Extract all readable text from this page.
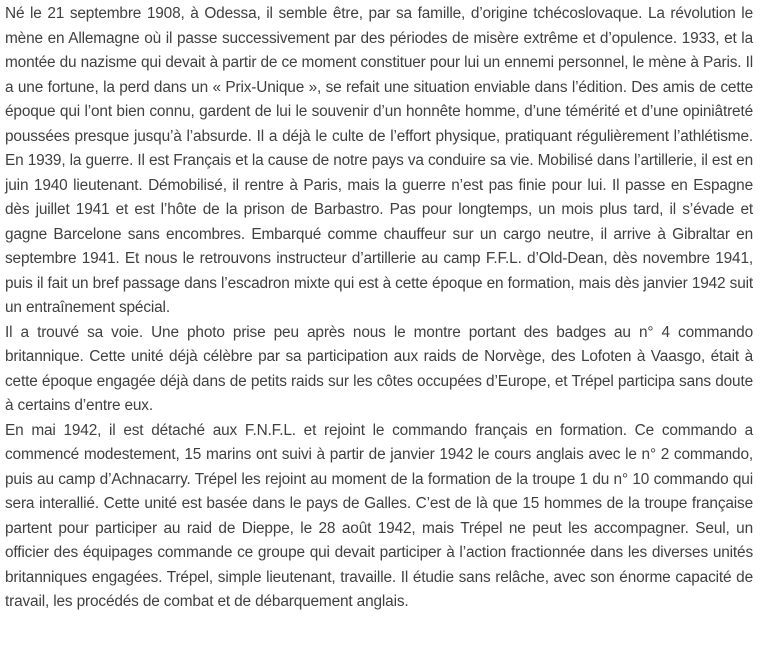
Né le 21 septembre 1908, à Odessa, il semble être, par sa famille, d’origine tchécoslovaque. La révolution le mène en Allemagne où il passe successivement par des périodes de misère extrême et d’opulence. 1933, et la montée du nazisme qui devait à partir de ce moment constituer pour lui un ennemi personnel, le mène à Paris. Il a une fortune, la perd dans un « Prix-Unique », se refait une situation enviable dans l’édition. Des amis de cette époque qui l’ont bien connu, gardent de lui le souvenir d’un honnête homme, d’une témérité et d’une opiniâtreté poussées presque jusqu’à l’absurde. Il a déjà le culte de l’effort physique, pratiquant régulièrement l’athlétisme. En 1939, la guerre. Il est Français et la cause de notre pays va conduire sa vie. Mobilisé dans l’artillerie, il est en juin 1940 lieutenant. Démobilisé, il rentre à Paris, mais la guerre n’est pas finie pour lui. Il passe en Espagne dès juillet 1941 et est l’hôte de la prison de Barbastro. Pas pour longtemps, un mois plus tard, il s’évade et gagne Barcelone sans encombres. Embarqué comme chauffeur sur un cargo neutre, il arrive à Gibraltar en septembre 1941. Et nous le retrouvons instructeur d’artillerie au camp F.F.L. d’Old-Dean, dès novembre 1941, puis il fait un bref passage dans l’escadron mixte qui est à cette époque en formation, mais dès janvier 1942 suit un entraînement spécial.

Il a trouvé sa voie. Une photo prise peu après nous le montre portant des badges au n° 4 commando britannique. Cette unité déjà célèbre par sa participation aux raids de Norvège, des Lofoten à Vaasgo, était à cette époque engagée déjà dans de petits raids sur les côtes occupées d’Europe, et Trépel participa sans doute à certains d’entre eux.

En mai 1942, il est détaché aux F.N.F.L. et rejoint le commando français en formation. Ce commando a commencé modestement, 15 marins ont suivi à partir de janvier 1942 le cours anglais avec le n° 2 commando, puis au camp d’Achnacarry. Trépel les rejoint au moment de la formation de la troupe 1 du n° 10 commando qui sera interallié. Cette unité est basée dans le pays de Galles. C’est de là que 15 hommes de la troupe française partent pour participer au raid de Dieppe, le 28 août 1942, mais Trépel ne peut les accompagner. Seul, un officier des équipages commande ce groupe qui devait participer à l’action fractionnée dans les diverses unités britanniques engagées. Trépel, simple lieutenant, travaille. Il étudie sans relâche, avec son énorme capacité de travail, les procédés de combat et de débarquement anglais.
